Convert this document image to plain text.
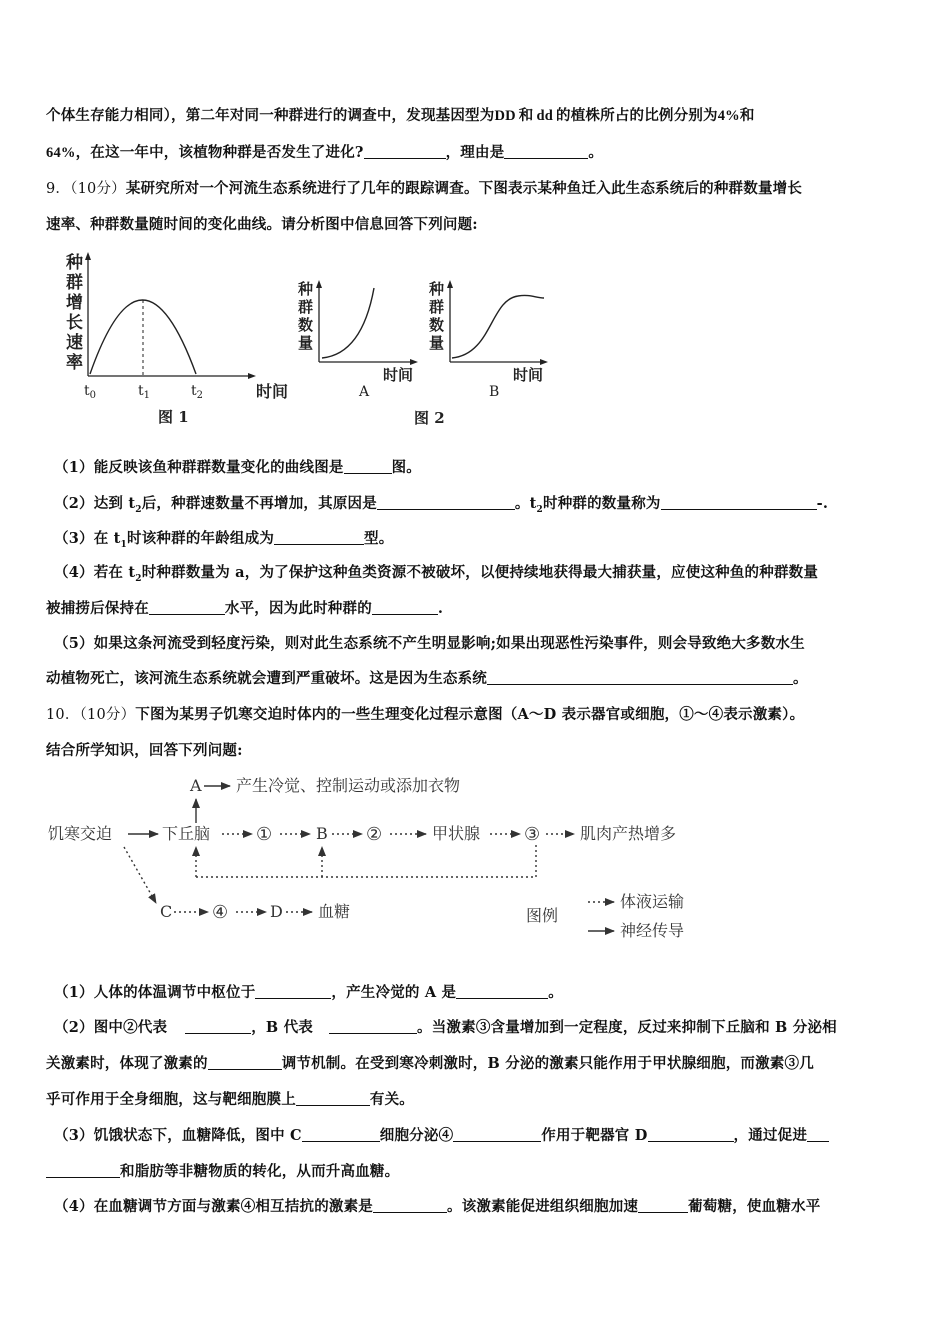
个体生存能力相同），第二年对同一种群进行的调查中，发现基因型为DD 和 dd 的植株所占的比例分别为4%和
64%，在这一年中，该植物种群是否发生了进化?	，理由是	。
9．（10分）某研究所对一个河流生态系统进行了几年的跟踪调查。下图表示某种鱼迁入此生态系统后的种群数量增长
速率、种群数量随时间的变化曲线。请分析图中信息回答下列问题:
种
群
增
长
速
率
$t_0$	$t_1$	$t_2$	时间
图 1
种
群
数
量
时间
A
种
群
数
量
时间
B
图 2
（1）能反映该鱼种群群数量变化的曲线图是	图。
（2）达到 $t_2$后，种群速数量不再增加，其原因是	。$t_2$时种群的数量称为	-.
（3）在 $t_1$时该种群的年龄组成为	型。
（4）若在 $t_2$时种群数量为 a，为了保护这种鱼类资源不被破坏，以便持续地获得最大捕获量，应使这种鱼的种群数量
被捕捞后保持在	水平，因为此时种群的	.
（5）如果这条河流受到轻度污染，则对此生态系统不产生明显影响;如果出现恶性污染事件，则会导致绝大多数水生
动植物死亡，该河流生态系统就会遭到严重破坏。这是因为生态系统	。
10．（10分）下图为某男子饥寒交迫时体内的一些生理变化过程示意图（A～D 表示器官或细胞，①～④表示激素）。
结合所学知识，回答下列问题:
A 产生冷觉、控制运动或添加衣物
饥寒交迫	下丘脑	①	B ②	甲状腺 ③ 肌肉产热增多
C ④	D 血糖	图例
体液运输
神经传导
（1）人体的体温调节中枢位于	，产生冷觉的 A 是	。
（2）图中②代表	，B 代表	。当激素③含量增加到一定程度，反过来抑制下丘脑和 B 分泌相
关激素时，体现了激素的	调节机制。在受到寒冷刺激时，B 分泌的激素只能作用于甲状腺细胞，而激素③几
乎可作用于全身细胞，这与靶细胞膜上	有关。
（3）饥饿状态下，血糖降低，图中 C	细胞分泌④	作用于靶器官 D	，通过促进
和脂肪等非糖物质的转化，从而升高血糖。
（4）在血糖调节方面与激素④相互拮抗的激素是	。该激素能促进组织细胞加速	葡萄糖，使血糖水平
